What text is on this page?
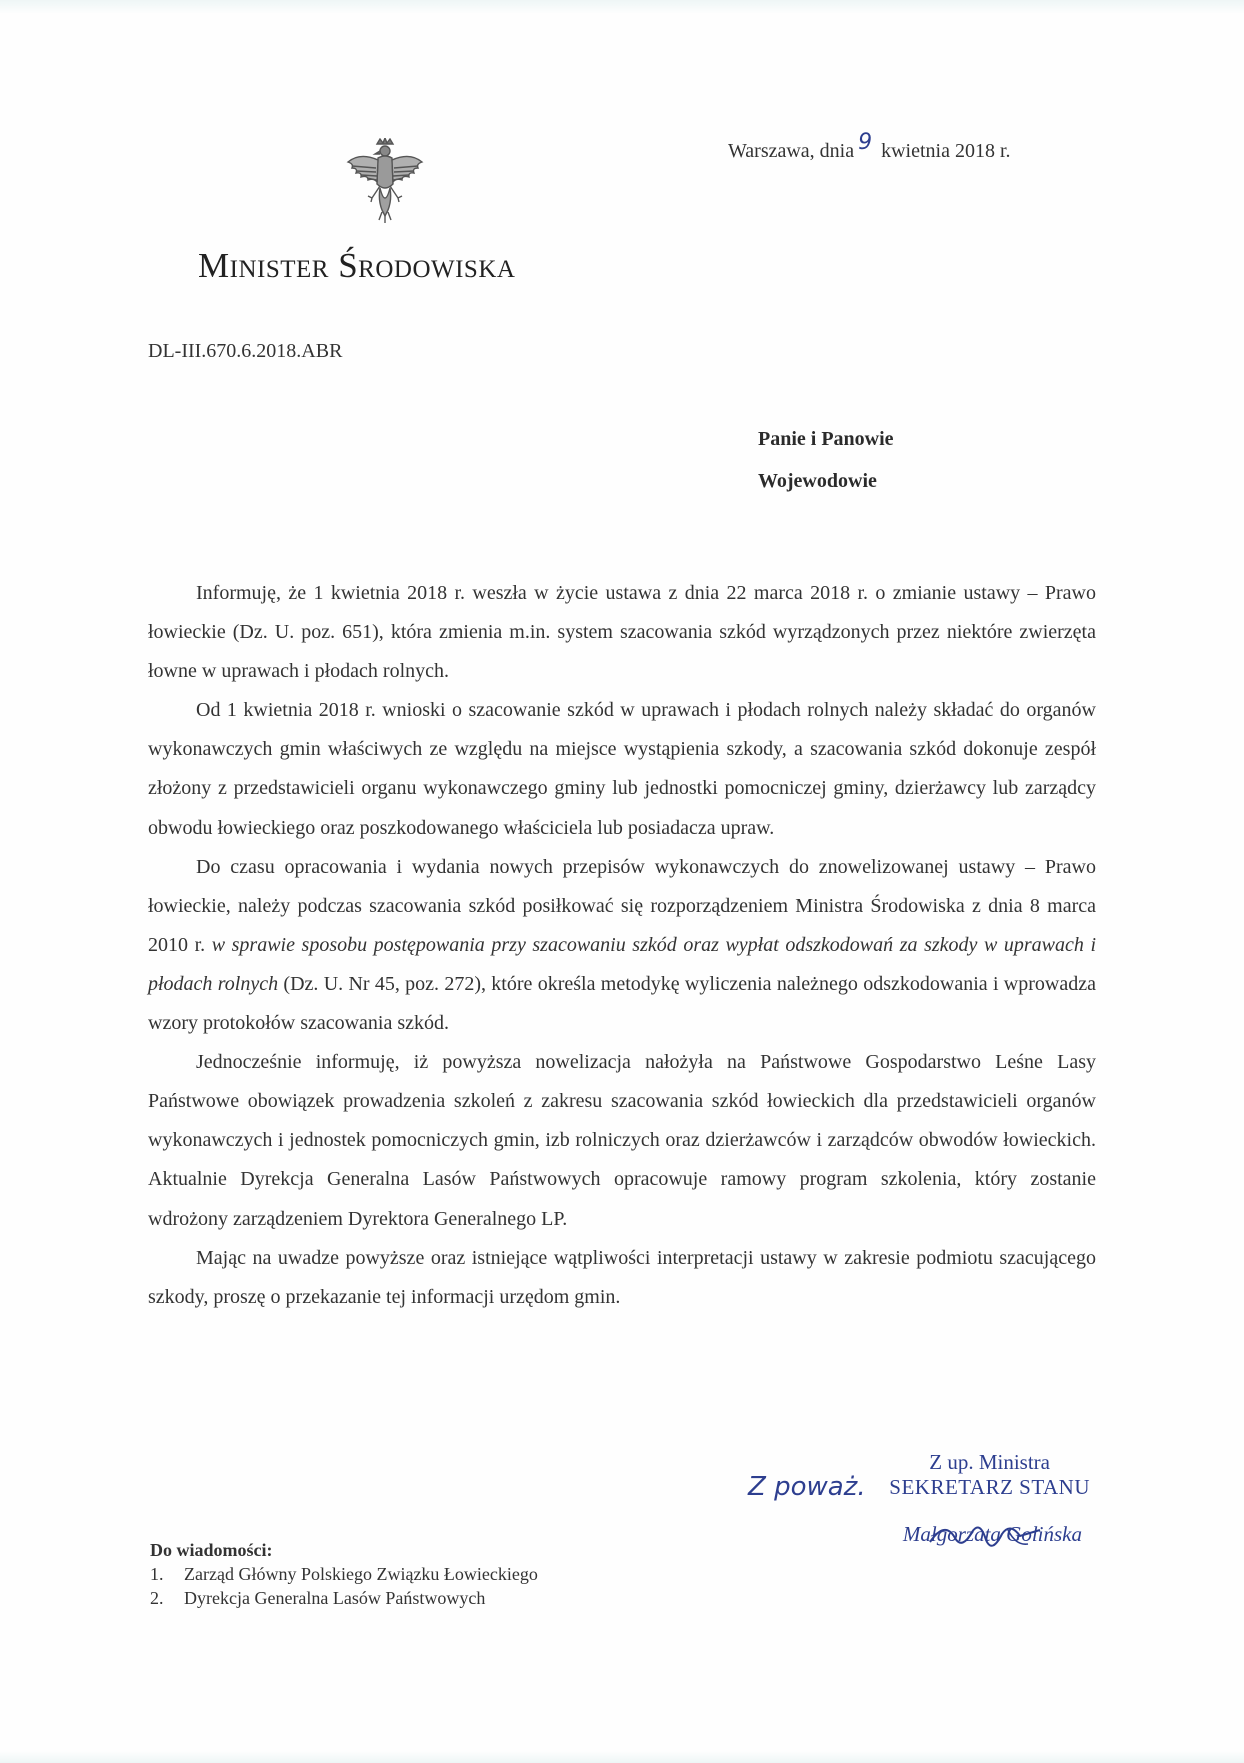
Warszawa, dnia 9 kwietnia 2018 r.
Minister Środowiska
DL-III.670.6.2018.ABR
Panie i Panowie
Wojewodowie

Informuję, że 1 kwietnia 2018 r. weszła w życie ustawa z dnia 22 marca 2018 r. o zmianie ustawy – Prawo łowieckie (Dz. U. poz. 651), która zmienia m.in. system szacowania szkód wyrządzonych przez niektóre zwierzęta łowne w uprawach i płodach rolnych.

Od 1 kwietnia 2018 r. wnioski o szacowanie szkód w uprawach i płodach rolnych należy składać do organów wykonawczych gmin właściwych ze względu na miejsce wystąpienia szkody, a szacowania szkód dokonuje zespół złożony z przedstawicieli organu wykonawczego gminy lub jednostki pomocniczej gminy, dzierżawcy lub zarządcy obwodu łowieckiego oraz poszkodowanego właściciela lub posiadacza upraw.

Do czasu opracowania i wydania nowych przepisów wykonawczych do znowelizowanej ustawy – Prawo łowieckie, należy podczas szacowania szkód posiłkować się rozporządzeniem Ministra Środowiska z dnia 8 marca 2010 r. w sprawie sposobu postępowania przy szacowaniu szkód oraz wypłat odszkodowań za szkody w uprawach i płodach rolnych (Dz. U. Nr 45, poz. 272), które określa metodykę wyliczenia należnego odszkodowania i wprowadza wzory protokołów szacowania szkód.

Jednocześnie informuję, iż powyższa nowelizacja nałożyła na Państwowe Gospodarstwo Leśne Lasy Państwowe obowiązek prowadzenia szkoleń z zakresu szacowania szkód łowieckich dla przedstawicieli organów wykonawczych i jednostek pomocniczych gmin, izb rolniczych oraz dzierżawców i zarządców obwodów łowieckich. Aktualnie Dyrekcja Generalna Lasów Państwowych opracowuje ramowy program szkolenia, który zostanie wdrożony zarządzeniem Dyrektora Generalnego LP.

Mając na uwadze powyższe oraz istniejące wątpliwości interpretacji ustawy w zakresie podmiotu szacującego szkody, proszę o przekazanie tej informacji urzędom gmin.

Z poważ.
Z up. Ministra
SEKRETARZ STANU
Małgorzata Golińska
Do wiadomości:
1.	Zarząd Główny Polskiego Związku Łowieckiego
2.	Dyrekcja Generalna Lasów Państwowych
